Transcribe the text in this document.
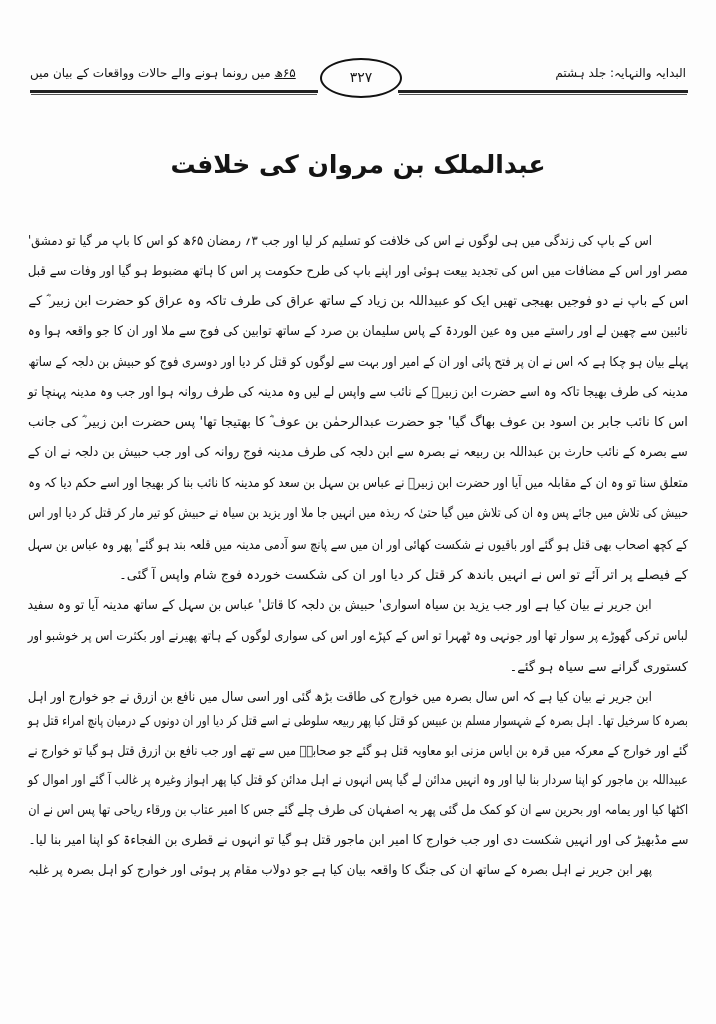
البدایہ والنہایہ: جلد ہشتم
۳۲۷
۶۵ھ میں رونما ہونے والے حالات وواقعات کے بیان میں
عبدالملک بن مروان کی خلافت
اس کے باپ کی زندگی میں ہی لوگوں نے اس کی خلافت کو تسلیم کر لیا اور جب ۳؍ رمضان ۶۵ھ کو اس کا باپ مر گیا تو دمشق'
مصر اور اس کے مضافات میں اس کی تجدید بیعت ہوئی اور اپنے باپ کی طرح حکومت پر اس کا ہاتھ مضبوط ہو گیا اور وفات سے قبل
اس کے باپ نے دو فوجیں بھیجی تھیں ایک کو عبیداللہ بن زیاد کے ساتھ عراق کی طرف تاکہ وہ عراق کو حضرت ابن زبیر ؓ کے
نائبین سے چھین لے اور راستے میں وہ عین الوردۃ کے پاس سلیمان بن صرد کے ساتھ توابین کی فوج سے ملا اور ان کا جو واقعہ ہوا وہ
پہلے بیان ہو چکا ہے کہ اس نے ان پر فتح پائی اور ان کے امیر اور بہت سے لوگوں کو قتل کر دیا اور دوسری فوج کو حبیش بن دلجہ کے ساتھ
مدینہ کی طرف بھیجا تاکہ وہ اسے حضرت ابن زبیرؓ کے نائب سے واپس لے لیں وہ مدینہ کی طرف روانہ ہوا اور جب وہ مدینہ پہنچا تو
اس کا نائب جابر بن اسود بن عوف بھاگ گیا' جو حضرت عبدالرحمٰن بن عوف ؓ کا بھتیجا تھا' پس حضرت ابن زبیر ؓ کی جانب
سے بصرہ کے نائب حارث بن عبداللہ بن ربیعہ نے بصرہ سے ابن دلجہ کی طرف مدینہ فوج روانہ کی اور جب حبیش بن دلجہ نے ان کے
متعلق سنا تو وہ ان کے مقابلہ میں آیا اور حضرت ابن زبیرؓ نے عباس بن سہل بن سعد کو مدینہ کا نائب بنا کر بھیجا اور اسے حکم دیا کہ وہ
حبیش کی تلاش میں جائے پس وہ ان کی تلاش میں گیا حتیٰ کہ ربذہ میں انہیں جا ملا اور یزید بن سیاہ نے حبیش کو تیر مار کر قتل کر دیا اور اس
کے کچھ اصحاب بھی قتل ہو گئے اور باقیوں نے شکست کھائی اور ان میں سے پانچ سو آدمی مدینہ میں قلعہ بند ہو گئے' پھر وہ عباس بن سہل
کے فیصلے پر اتر آئے تو اس نے انہیں باندھ کر قتل کر دیا اور ان کی شکست خوردہ فوج شام واپس آ گئی۔
ابن جریر نے بیان کیا ہے اور جب یزید بن سیاہ اسواری' حبیش بن دلجہ کا قاتل' عباس بن سہل کے ساتھ مدینہ آیا تو وہ سفید
لباس ترکی گھوڑے پر سوار تھا اور جونہی وہ ٹھہرا تو اس کے کپڑے اور اس کی سواری لوگوں کے ہاتھ پھیرنے اور بکثرت اس پر خوشبو اور
کستوری گرانے سے سیاہ ہو گئے۔
ابن جریر نے بیان کیا ہے کہ اس سال بصرہ میں خوارج کی طاقت بڑھ گئی اور اسی سال میں نافع بن ازرق نے جو خوارج اور اہل
بصرہ کا سرخیل تھا۔ اہل بصرہ کے شہسوار مسلم بن عبیس کو قتل کیا پھر ربیعہ سلوطی نے اسے قتل کر دیا اور ان دونوں کے درمیان پانچ امراء قتل ہو
گئے اور خوارج کے معرکہ میں قرہ بن ایاس مزنی ابو معاویہ قتل ہو گئے جو صحابہؓ میں سے تھے اور جب نافع بن ازرق قتل ہو گیا تو خوارج نے
عبیداللہ بن ماجور کو اپنا سردار بنا لیا اور وہ انہیں مدائن لے گیا پس انہوں نے اہل مدائن کو قتل کیا پھر اہواز وغیرہ پر غالب آ گئے اور اموال کو
اکٹھا کیا اور یمامہ اور بحرین سے ان کو کمک مل گئی پھر یہ اصفہان کی طرف چلے گئے جس کا امیر عتاب بن ورقاء ریاحی تھا پس اس نے ان
سے مڈبھیڑ کی اور انہیں شکست دی اور جب خوارج کا امیر ابن ماجور قتل ہو گیا تو انہوں نے قطری بن الفجاءۃ کو اپنا امیر بنا لیا۔
پھر ابن جریر نے اہل بصرہ کے ساتھ ان کی جنگ کا واقعہ بیان کیا ہے جو دولاب مقام پر ہوئی اور خوارج کو اہل بصرہ پر غلبہ
